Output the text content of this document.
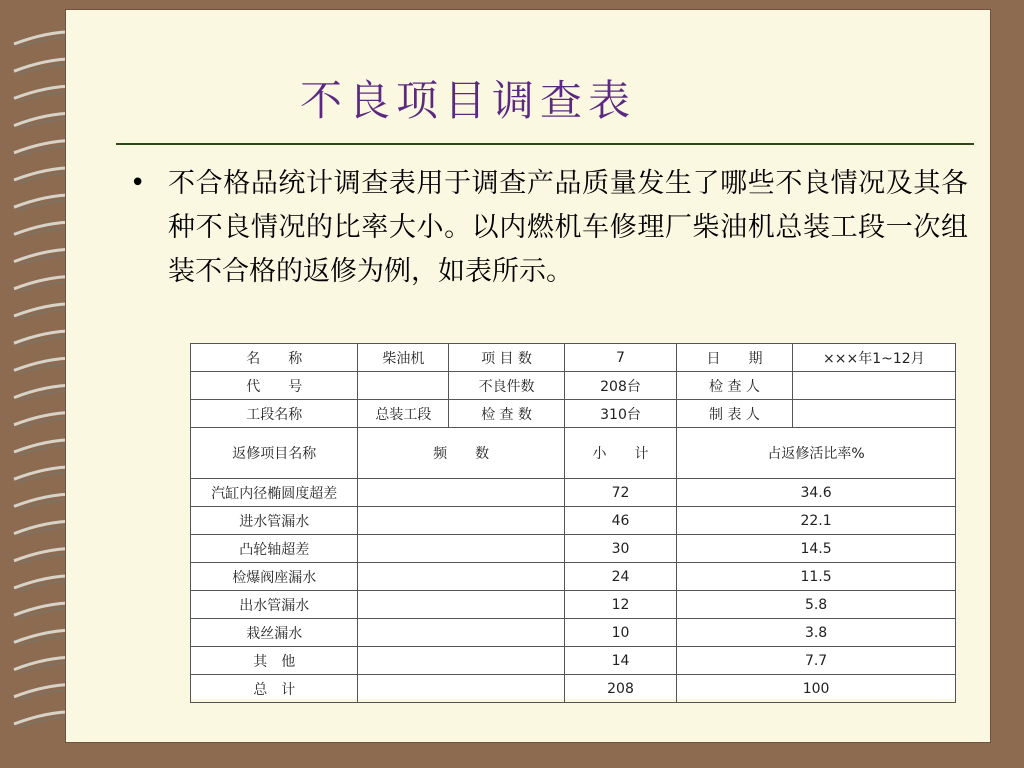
不良项目调查表
• 不合格品统计调查表用于调查产品质量发生了哪些不良情况及其各种不良情况的比率大小。以内燃机车修理厂柴油机总装工段一次组装不合格的返修为例，如表所示。
名　　称	柴油机	项 目 数	7	日　　期	×××年1~12月
代　　号		不良件数	208台	检 查 人	
工段名称	总装工段	检 查 数	310台	制 表 人	
返修项目名称	频　　数		小　　计	占返修活比率%	
汽缸内径椭圆度超差			72	34.6	
进水管漏水			46	22.1	
凸轮轴超差			30	14.5	
检爆阀座漏水			24	11.5	
出水管漏水			12	5.8	
栽丝漏水			10	3.8	
其　他			14	7.7	
总　计			208	100	
